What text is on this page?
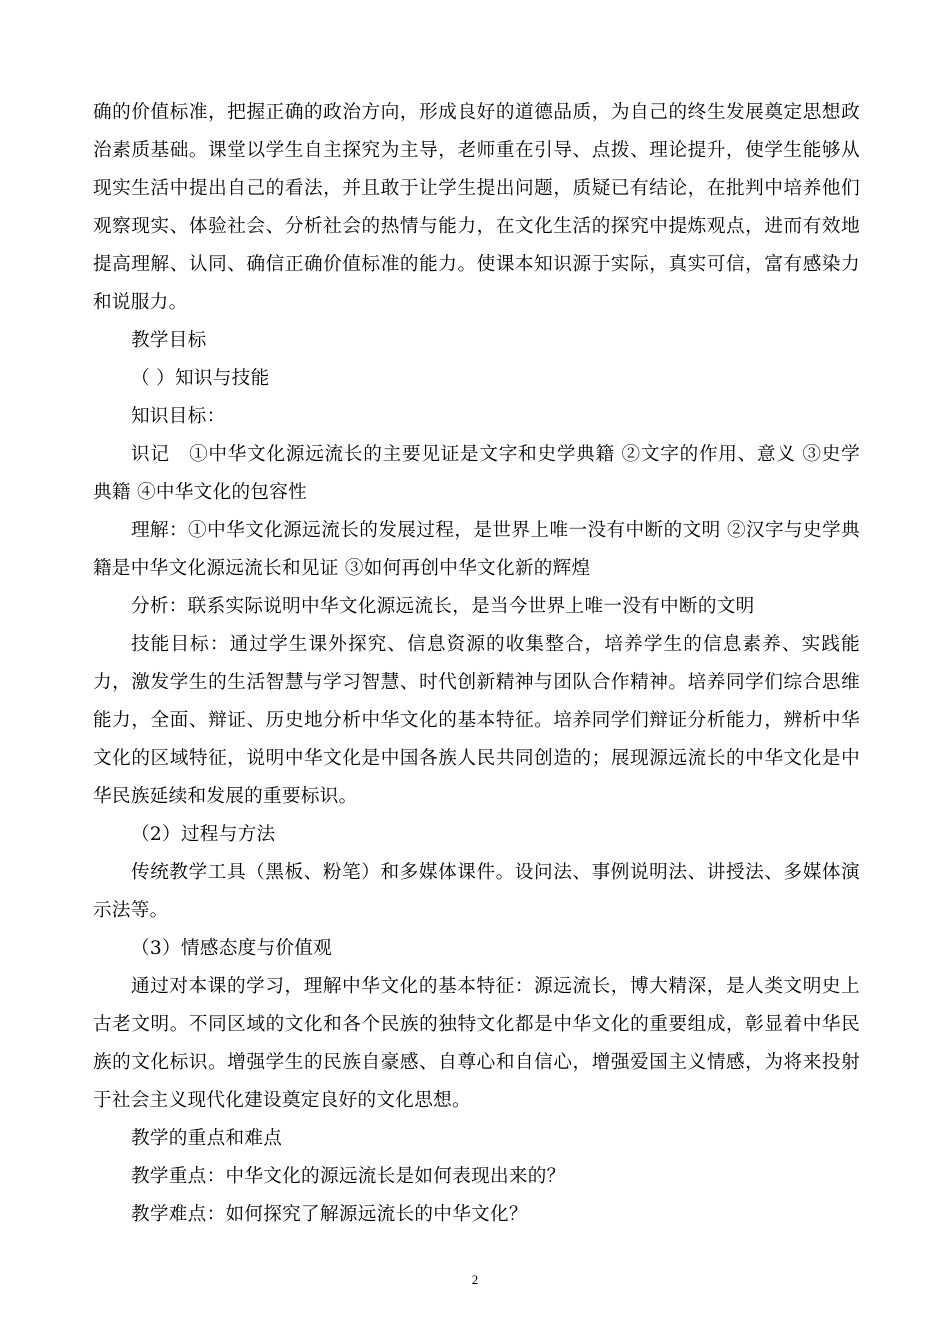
确的价值标准，把握正确的政治方向，形成良好的道德品质，为自己的终生发展奠定思想政治素质基础。课堂以学生自主探究为主导，老师重在引导、点拨、理论提升，使学生能够从现实生活中提出自己的看法，并且敢于让学生提出问题，质疑已有结论，在批判中培养他们观察现实、体验社会、分析社会的热情与能力，在文化生活的探究中提炼观点，进而有效地提高理解、认同、确信正确价值标准的能力。使课本知识源于实际，真实可信，富有感染力和说服力。

教学目标

（ ）知识与技能

知识目标：

识记　①中华文化源远流长的主要见证是文字和史学典籍 ②文字的作用、意义 ③史学典籍 ④中华文化的包容性

理解：①中华文化源远流长的发展过程，是世界上唯一没有中断的文明 ②汉字与史学典籍是中华文化源远流长和见证 ③如何再创中华文化新的辉煌

分析：联系实际说明中华文化源远流长，是当今世界上唯一没有中断的文明

技能目标：通过学生课外探究、信息资源的收集整合，培养学生的信息素养、实践能力，激发学生的生活智慧与学习智慧、时代创新精神与团队合作精神。培养同学们综合思维能力，全面、辩证、历史地分析中华文化的基本特征。培养同学们辩证分析能力，辨析中华文化的区域特征，说明中华文化是中国各族人民共同创造的；展现源远流长的中华文化是中华民族延续和发展的重要标识。

（2）过程与方法

传统教学工具（黑板、粉笔）和多媒体课件。设问法、事例说明法、讲授法、多媒体演示法等。

（3）情感态度与价值观

通过对本课的学习，理解中华文化的基本特征：源远流长，博大精深，是人类文明史上古老文明。不同区域的文化和各个民族的独特文化都是中华文化的重要组成，彰显着中华民族的文化标识。增强学生的民族自豪感、自尊心和自信心，增强爱国主义情感，为将来投射于社会主义现代化建设奠定良好的文化思想。

教学的重点和难点

教学重点：中华文化的源远流长是如何表现出来的？

教学难点：如何探究了解源远流长的中华文化？

2
